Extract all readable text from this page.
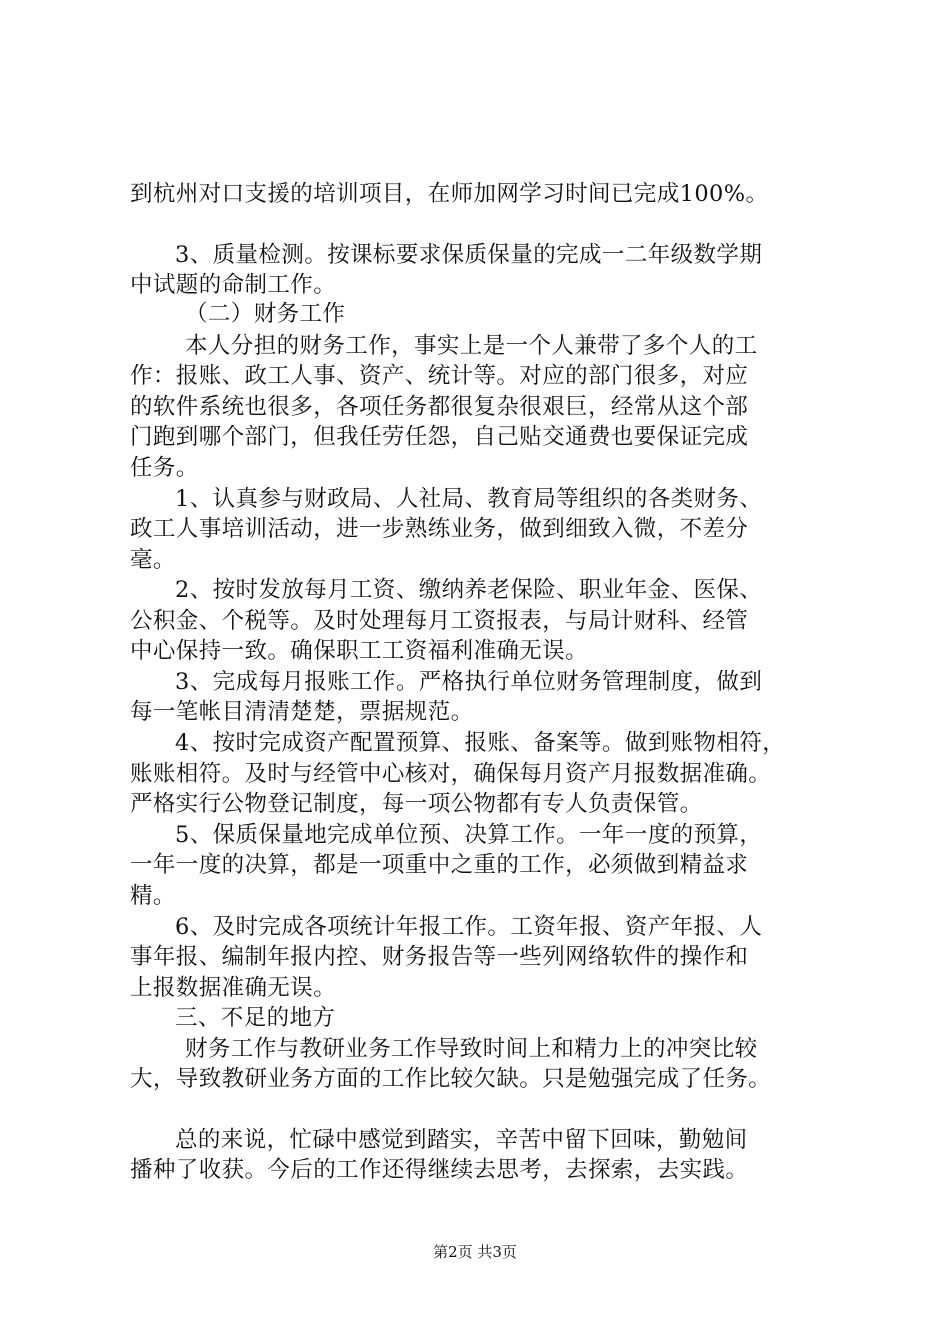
到杭州对口支援的培训项目，在师加网学习时间已完成100%。

3、质量检测。按课标要求保质保量的完成一二年级数学期

中试题的命制工作。

（二）财务工作

本人分担的财务工作，事实上是一个人兼带了多个人的工

作：报账、政工人事、资产、统计等。对应的部门很多，对应

的软件系统也很多，各项任务都很复杂很艰巨，经常从这个部

门跑到哪个部门，但我任劳任怨，自己贴交通费也要保证完成

任务。

1、认真参与财政局、人社局、教育局等组织的各类财务、

政工人事培训活动，进一步熟练业务，做到细致入微，不差分

毫。

2、按时发放每月工资、缴纳养老保险、职业年金、医保、

公积金、个税等。及时处理每月工资报表，与局计财科、经管

中心保持一致。确保职工工资福利准确无误。

3、完成每月报账工作。严格执行单位财务管理制度，做到

每一笔帐目清清楚楚，票据规范。

4、按时完成资产配置预算、报账、备案等。做到账物相符，

账账相符。及时与经管中心核对，确保每月资产月报数据准确。

严格实行公物登记制度，每一项公物都有专人负责保管。

5、保质保量地完成单位预、决算工作。一年一度的预算，

一年一度的决算，都是一项重中之重的工作，必须做到精益求

精。

6、及时完成各项统计年报工作。工资年报、资产年报、人

事年报、编制年报内控、财务报告等一些列网络软件的操作和

上报数据准确无误。

三、不足的地方

财务工作与教研业务工作导致时间上和精力上的冲突比较

大，导致教研业务方面的工作比较欠缺。只是勉强完成了任务。

总的来说，忙碌中感觉到踏实，辛苦中留下回味，勤勉间

播种了收获。今后的工作还得继续去思考，去探索，去实践。

第2页 共3页
